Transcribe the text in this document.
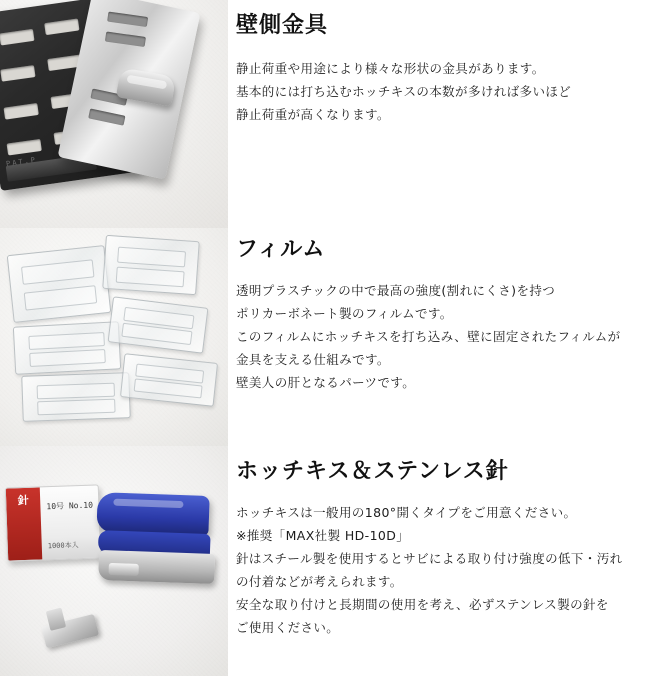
PAT.P
壁側金具
静止荷重や用途により様々な形状の金具があります。
基本的には打ち込むホッチキスの本数が多ければ多いほど
静止荷重が高くなります。
フィルム
透明プラスチックの中で最高の強度(割れにくさ)を持つ
ポリカーボネート製のフィルムです。
このフィルムにホッチキスを打ち込み、壁に固定されたフィルムが
金具を支える仕組みです。
壁美人の肝となるパーツです。
針	10号 No.10
1000本入
ホッチキス＆ステンレス針
ホッチキスは一般用の180°開くタイプをご用意ください。
※推奨「MAX社製 HD-10D」
針はスチール製を使用するとサビによる取り付け強度の低下・汚れ
の付着などが考えられます。
安全な取り付けと長期間の使用を考え、必ずステンレス製の針を
ご使用ください。
